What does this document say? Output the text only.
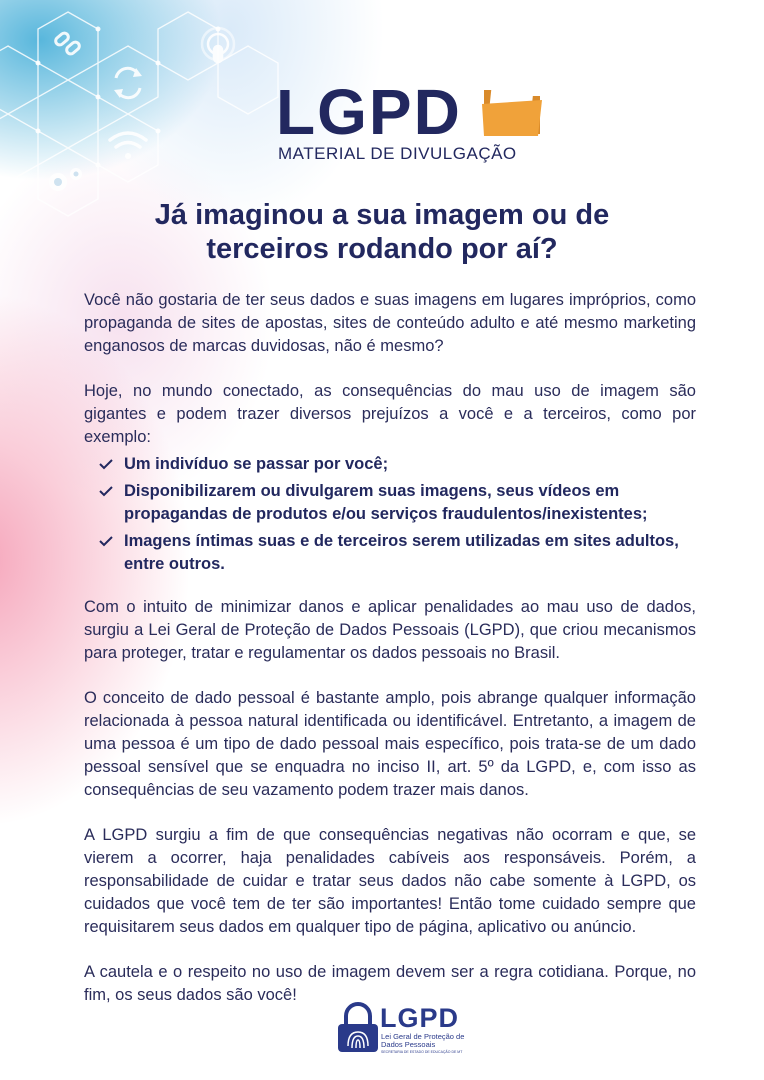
LGPD
MATERIAL DE DIVULGAÇÃO
Já imaginou a sua imagem ou de
terceiros rodando por aí?

Você não gostaria de ter seus dados e suas imagens em lugares impróprios, como propaganda de sites de apostas, sites de conteúdo adulto e até mesmo marketing enganosos de marcas duvidosas, não é mesmo?

Hoje, no mundo conectado, as consequências do mau uso de imagem são gigantes e podem trazer diversos prejuízos a você e a terceiros, como por exemplo:

Um indivíduo se passar por você;
Disponibilizarem ou divulgarem suas imagens, seus vídeos em propagandas de produtos e/ou serviços fraudulentos/inexistentes;
Imagens íntimas suas e de terceiros serem utilizadas em sites adultos, entre outros.

Com o intuito de minimizar danos e aplicar penalidades ao mau uso de dados, surgiu a Lei Geral de Proteção de Dados Pessoais (LGPD), que criou mecanismos para proteger, tratar e regulamentar os dados pessoais no Brasil.

O conceito de dado pessoal é bastante amplo, pois abrange qualquer informação relacionada à pessoa natural identificada ou identificável. Entretanto, a imagem de uma pessoa é um tipo de dado pessoal mais específico, pois trata-se de um dado pessoal sensível que se enquadra no inciso II, art. 5º da LGPD, e, com isso as consequências de seu vazamento podem trazer mais danos.

A LGPD surgiu a fim de que consequências negativas não ocorram e que, se vierem a ocorrer, haja penalidades cabíveis aos responsáveis. Porém, a responsabilidade de cuidar e tratar seus dados não cabe somente à LGPD, os cuidados que você tem de ter são importantes! Então tome cuidado sempre que requisitarem seus dados em qualquer tipo de página, aplicativo ou anúncio.

A cautela e o respeito no uso de imagem devem ser a regra cotidiana. Porque, no fim, os seus dados são você!

LGPD
Lei Geral de Proteção de Dados Pessoais
SECRETARIA DE ESTADO DE EDUCAÇÃO DE MT
